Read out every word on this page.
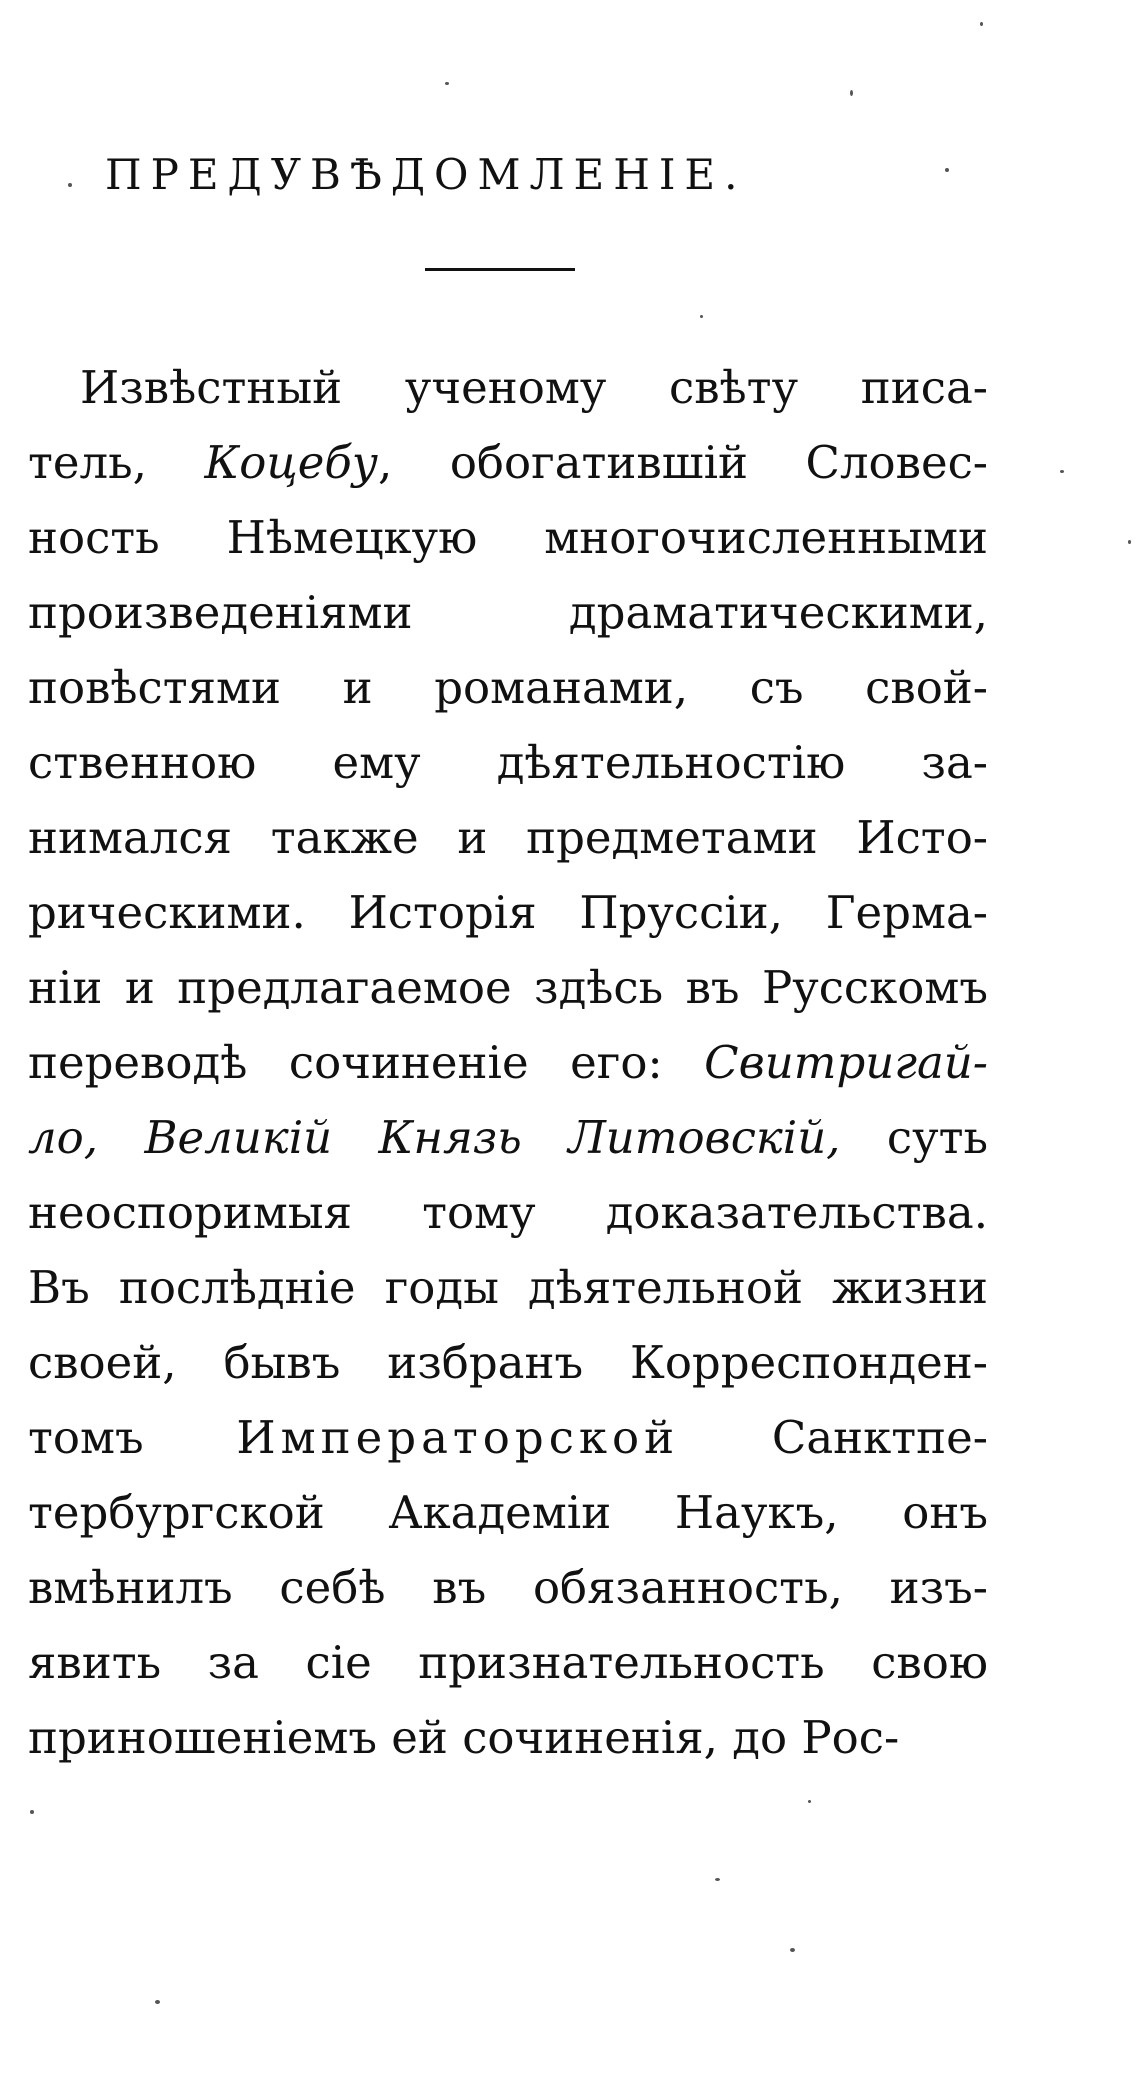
ПРЕДУВѢДОМЛЕНІЕ.
Извѣстный ученому свѣту писа-
тель, Коцебу, обогатившій Словес-
ность Нѣмецкую многочисленными
произведеніями драматическими,
повѣстями и романами, съ свой-
ственною ему дѣятельностію за-
нимался также и предметами Исто-
рическими. Исторія Пруссіи, Герма-
ніи и предлагаемое здѣсь въ Русскомъ
переводѣ сочиненіе его: Свитригай-
ло, Великій Князь Литовскій, суть
неоспоримыя тому доказательства.
Въ послѣдніе годы дѣятельной жизни
своей, бывъ избранъ Корреспонден-
томъ Императорской Санктпе-
тербургской Академіи Наукъ, онъ
вмѣнилъ себѣ въ обязанность, изъ-
явить за сіе признательность свою
приношеніемъ ей сочиненія, до Рос-
